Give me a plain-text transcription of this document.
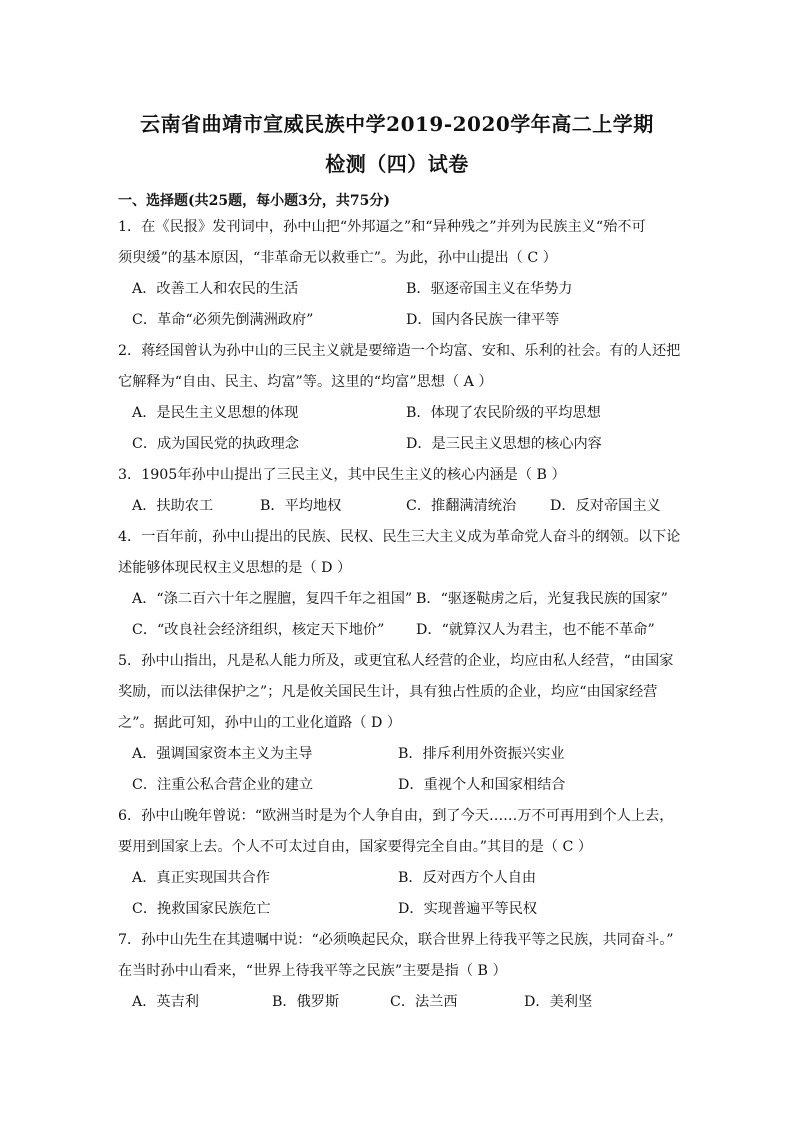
云南省曲靖市宣威民族中学2019-2020学年高二上学期
检测（四）试卷
一、选择题(共25题，每小题3分，共75分)
1．在《民报》发刊词中，孙中山把“外邦逼之”和“异种残之”并列为民族主义“殆不可
须臾缓”的基本原因，“非革命无以救垂亡”。为此，孙中山提出（ C ）
A．改善工人和农民的生活	B．驱逐帝国主义在华势力
C．革命“必须先倒满洲政府”	D．国内各民族一律平等
2．蒋经国曾认为孙中山的三民主义就是要缔造一个均富、安和、乐利的社会。有的人还把
它解释为“自由、民主、均富”等。这里的“均富”思想（ A ）
A．是民生主义思想的体现	B．体现了农民阶级的平均思想
C．成为国民党的执政理念	D．是三民主义思想的核心内容
3．1905年孙中山提出了三民主义，其中民生主义的核心内涵是（ B ）
A．扶助农工	B．平均地权	C．推翻满清统治 D．反对帝国主义
4．一百年前，孙中山提出的民族、民权、民生三大主义成为革命党人奋斗的纲领。以下论
述能够体现民权主义思想的是（ D ）
A．“涤二百六十年之腥膻，复四千年之祖国” B．“驱逐鞑虏之后，光复我民族的国家”
C．“改良社会经济组织，核定天下地价” D．“就算汉人为君主，也不能不革命”
5．孙中山指出，凡是私人能力所及，或更宜私人经营的企业，均应由私人经营，“由国家
奖励，而以法律保护之”；凡是攸关国民生计，具有独占性质的企业，均应“由国家经营
之”。据此可知，孙中山的工业化道路（ D ）
A．强调国家资本主义为主导	B．排斥利用外资振兴实业
C．注重公私合营企业的建立	D．重视个人和国家相结合
6．孙中山晚年曾说：“欧洲当时是为个人争自由，到了今天……万不可再用到个人上去，
要用到国家上去。个人不可太过自由，国家要得完全自由。”其目的是（ C ）
A．真正实现国共合作	B．反对西方个人自由
C．挽救国家民族危亡	D．实现普遍平等民权
7．孙中山先生在其遗嘱中说：“必须唤起民众，联合世界上待我平等之民族，共同奋斗。”
在当时孙中山看来，“世界上待我平等之民族”主要是指（ B ）
A．英吉利	B．俄罗斯	C．法兰西	D．美利坚
